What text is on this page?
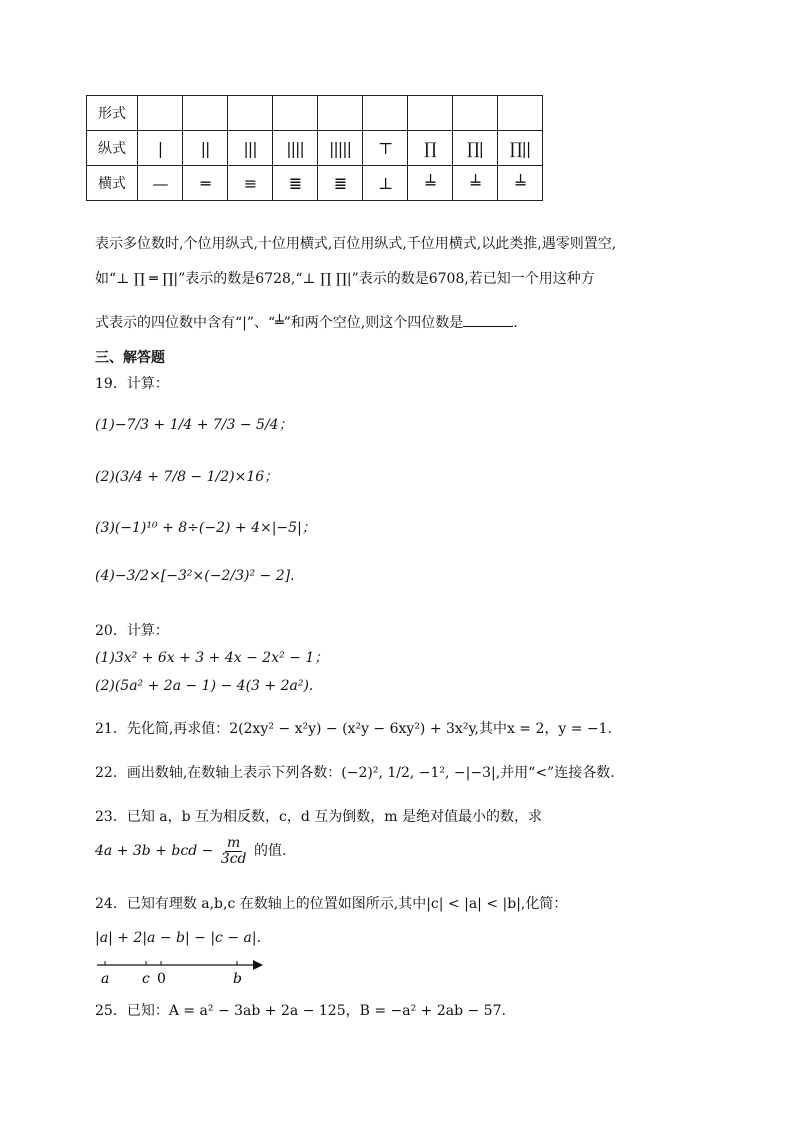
形式									
纵式	|	||	|||	||||	|||||	⊤	∏	∏|	∏||
横式	—	═	≡	≣	≣	⊥	╧	╧	╧
表示多位数时,个位用纵式,十位用横式,百位用纵式,千位用横式,以此类推,遇零则置空,
如“⊥ ∏ ═ ∏|”表示的数是6728,“⊥ ∏ ∏|”表示的数是6708,若已知一个用这种方
式表示的四位数中含有“|”、“╧”和两个空位,则这个四位数是	.
三、解答题
19．计算：
(1)−7/3 + 1/4 + 7/3 − 5/4；
(2)(3/4 + 7/8 − 1/2)×16；
(3)(−1)¹⁰ + 8÷(−2) + 4×|−5|；
(4)−3/2×[−3²×(−2/3)² − 2].
20．计算：
(1)3x² + 6x + 3 + 4x − 2x² − 1；
(2)(5a² + 2a − 1) − 4(3 + 2a²).
21．先化简,再求值：2(2xy² − x²y) − (x²y − 6xy²) + 3x²y,其中x = 2，y = −1.
22．画出数轴,在数轴上表示下列各数：(−2)², 1/2, −1², −|−3|,并用“<”连接各数.
23．已知 a，b 互为相反数，c，d 互为倒数，m 是绝对值最小的数，求
4a + 3b + bcd − $\frac{m}{3cd}$ 的值.
24．已知有理数 a,b,c 在数轴上的位置如图所示,其中|c| < |a| < |b|,化简：
|a| + 2|a − b| − |c − a|.
a c 0	b
25．已知：A = a² − 3ab + 2a − 125，B = −a² + 2ab − 57.
